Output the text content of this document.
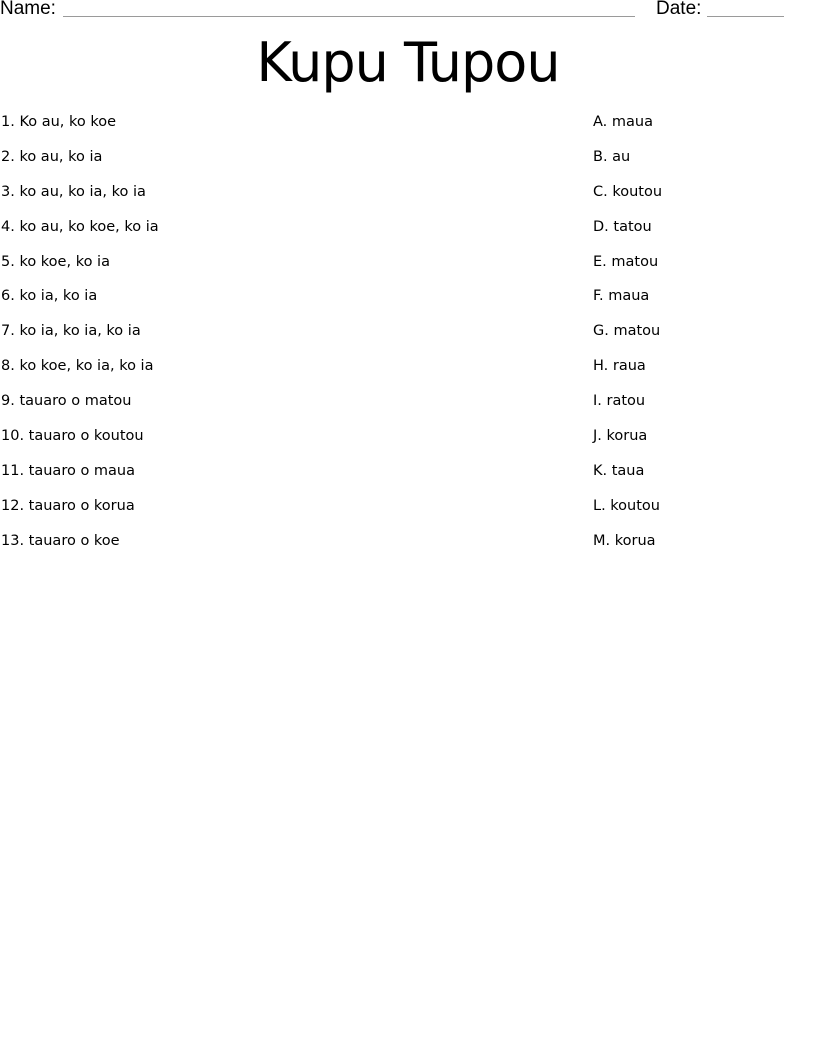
Name:	Date:
Kupu Tupou
1. Ko au, ko koe
2. ko au, ko ia
3. ko au, ko ia, ko ia
4. ko au, ko koe, ko ia
5. ko koe, ko ia
6. ko ia, ko ia
7. ko ia, ko ia, ko ia
8. ko koe, ko ia, ko ia
9. tauaro o matou
10. tauaro o koutou
11. tauaro o maua
12. tauaro o korua
13. tauaro o koe
A. maua
B. au
C. koutou
D. tatou
E. matou
F. maua
G. matou
H. raua
I. ratou
J. korua
K. taua
L. koutou
M. korua
